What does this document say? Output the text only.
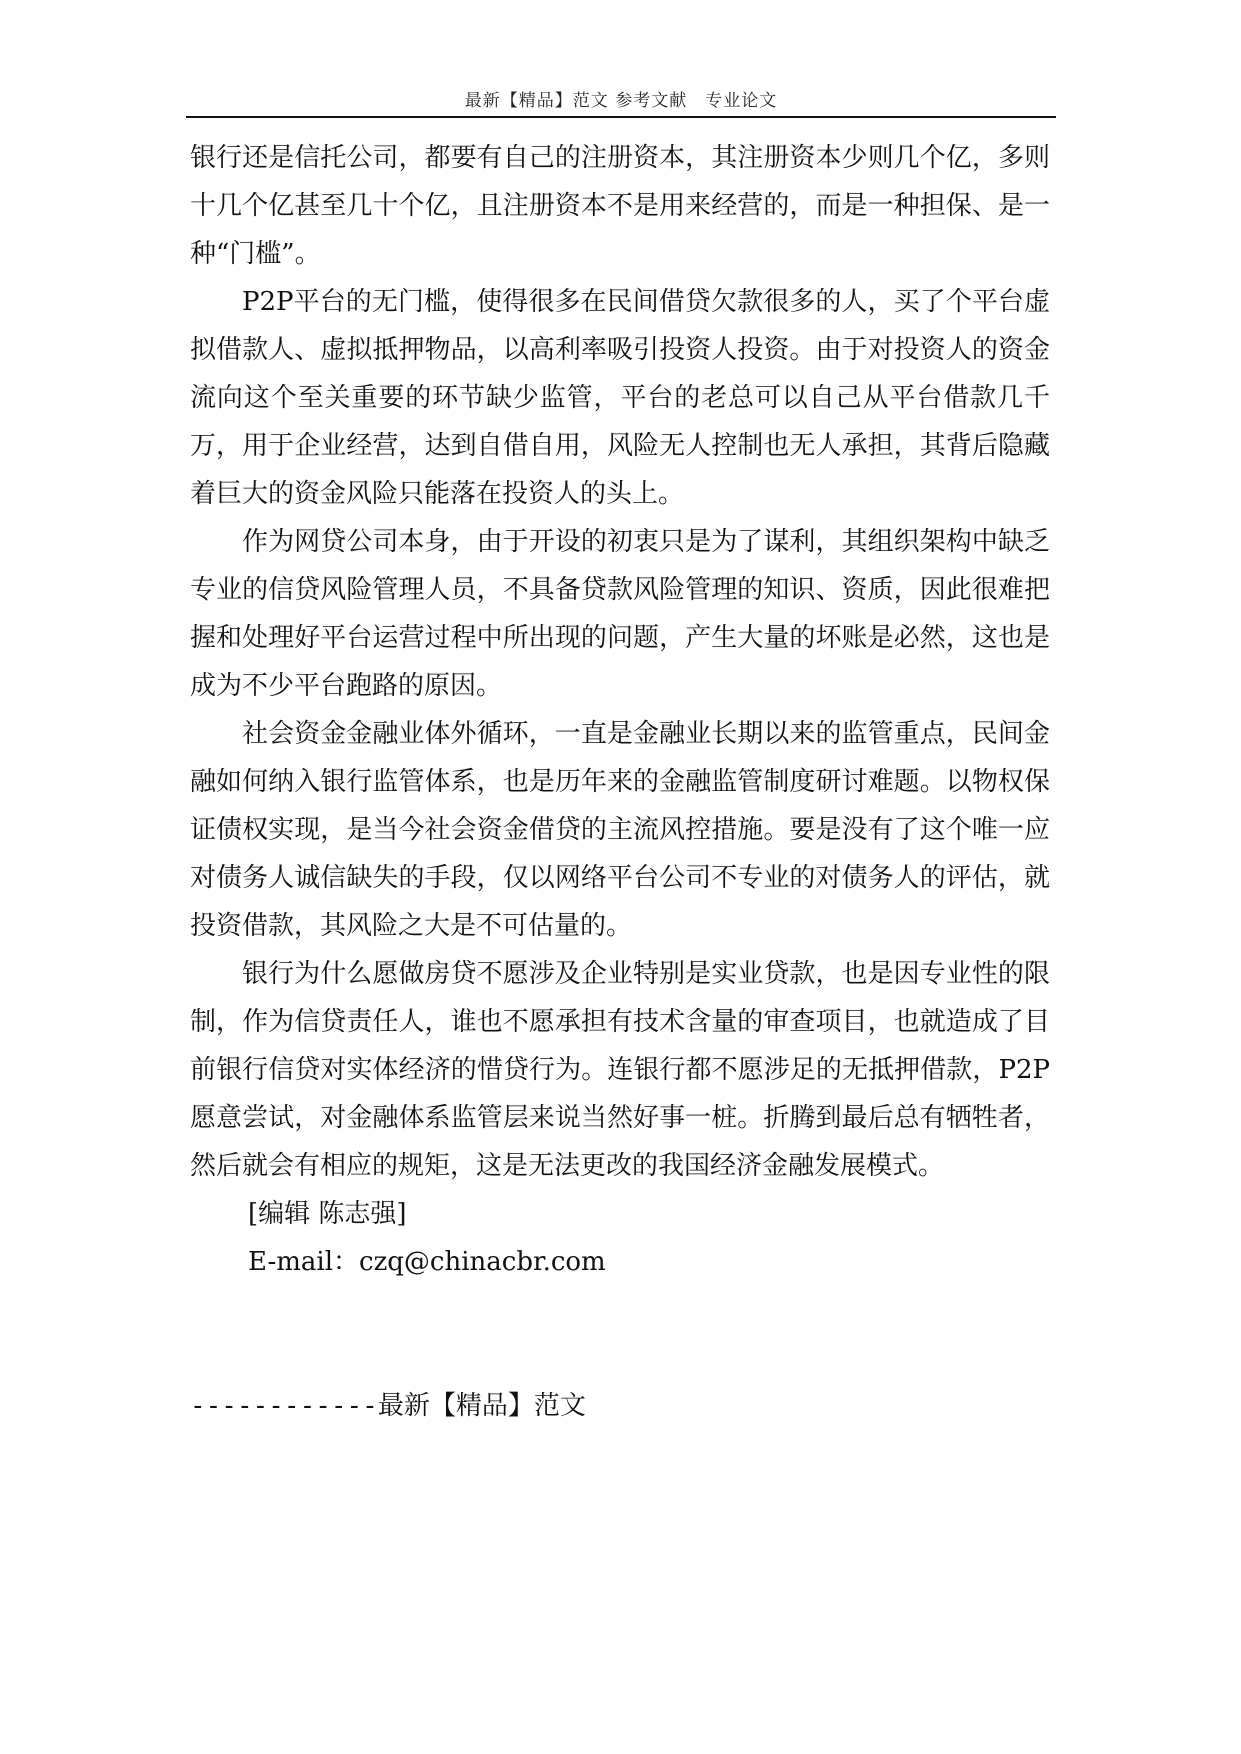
最新【精品】范文 参考文献　专业论文

银行还是信托公司，都要有自己的注册资本，其注册资本少则几个亿，多则十几个亿甚至几十个亿，且注册资本不是用来经营的，而是一种担保、是一种“门槛”。

P2P平台的无门槛，使得很多在民间借贷欠款很多的人，买了个平台虚拟借款人、虚拟抵押物品，以高利率吸引投资人投资。由于对投资人的资金流向这个至关重要的环节缺少监管，平台的老总可以自己从平台借款几千万，用于企业经营，达到自借自用，风险无人控制也无人承担，其背后隐藏着巨大的资金风险只能落在投资人的头上。

作为网贷公司本身，由于开设的初衷只是为了谋利，其组织架构中缺乏专业的信贷风险管理人员，不具备贷款风险管理的知识、资质，因此很难把握和处理好平台运营过程中所出现的问题，产生大量的坏账是必然，这也是成为不少平台跑路的原因。

社会资金金融业体外循环，一直是金融业长期以来的监管重点，民间金融如何纳入银行监管体系，也是历年来的金融监管制度研讨难题。以物权保证债权实现，是当今社会资金借贷的主流风控措施。要是没有了这个唯一应对债务人诚信缺失的手段，仅以网络平台公司不专业的对债务人的评估，就投资借款，其风险之大是不可估量的。

银行为什么愿做房贷不愿涉及企业特别是实业贷款，也是因专业性的限制，作为信贷责任人，谁也不愿承担有技术含量的审查项目，也就造成了目前银行信贷对实体经济的惜贷行为。连银行都不愿涉足的无抵押借款，P2P愿意尝试，对金融体系监管层来说当然好事一桩。折腾到最后总有牺牲者，然后就会有相应的规矩，这是无法更改的我国经济金融发展模式。

[编辑 陈志强]

E-mail：czq@chinacbr.com

------------最新【精品】范文
